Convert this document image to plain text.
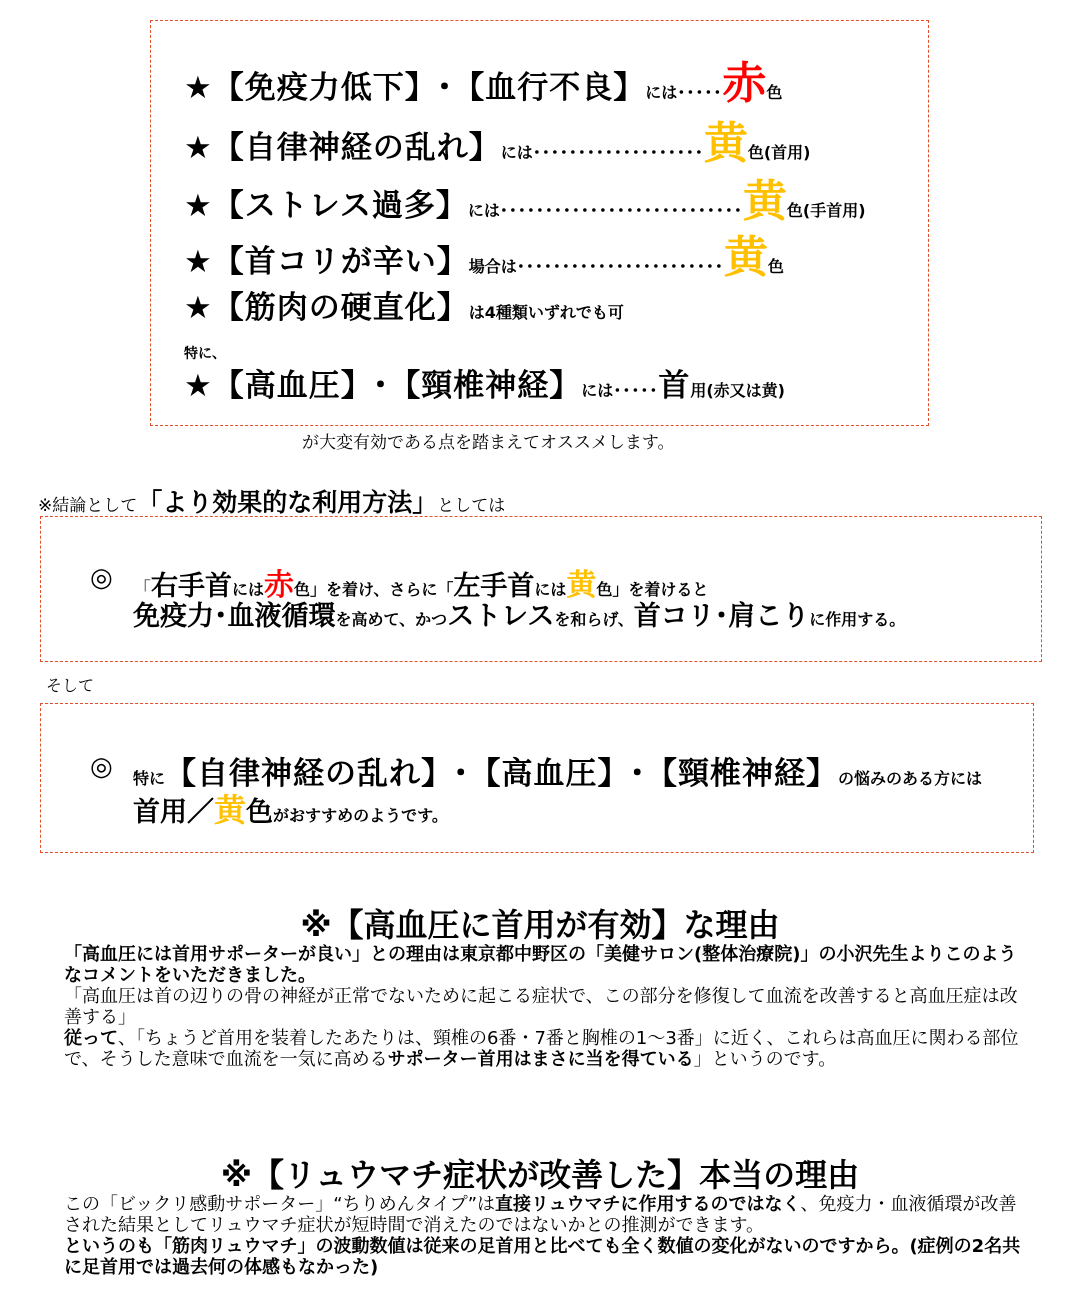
★【免疫力低下】･【血行不良】には･････赤色
★【自律神経の乱れ】には･･･････････････････黄色(首用)
★【ストレス過多】には･･･････････････････････････黄色(手首用)
★【首コリが辛い】場合は･･･････････････････････黄色
★【筋肉の硬直化】は4種類いずれでも可
特に、
★【高血圧】･【頸椎神経】には･････首用(赤又は黄)
が大変有効である点を踏まえてオススメします。
※結論として「より効果的な利用方法」としては
◎ 「右手首には赤色」を着け、さらに「左手首には黄色」を着けると
免疫力･血液循環を高めて、かつストレスを和らげ、首コリ･肩こりに作用する。
そして
◎ 特に【自律神経の乱れ】･【高血圧】･【頸椎神経】の悩みのある方には
首用／黄色がおすすめのようです。
※【高血圧に首用が有効】な理由

「高血圧には首用サポーターが良い」との理由は東京都中野区の「美健サロン(整体治療院)」の小沢先生よりこのようなコメントをいただきました。

「高血圧は首の辺りの骨の神経が正常でないために起こる症状で、この部分を修復して血流を改善すると高血圧症は改善する」

従って、「ちょうど首用を装着したあたりは、頸椎の6番・7番と胸椎の1～3番」に近く、これらは高血圧に関わる部位で、そうした意味で血流を一気に高めるサポーター首用はまさに当を得ている」というのです。

※【リュウマチ症状が改善した】本当の理由

この「ビックリ感動サポーター」“ちりめんタイプ”は直接リュウマチに作用するのではなく、免疫力・血液循環が改善された結果としてリュウマチ症状が短時間で消えたのではないかとの推測ができます。

というのも「筋肉リュウマチ」の波動数値は従来の足首用と比べても全く数値の変化がないのですから。(症例の2名共に足首用では過去何の体感もなかった)
